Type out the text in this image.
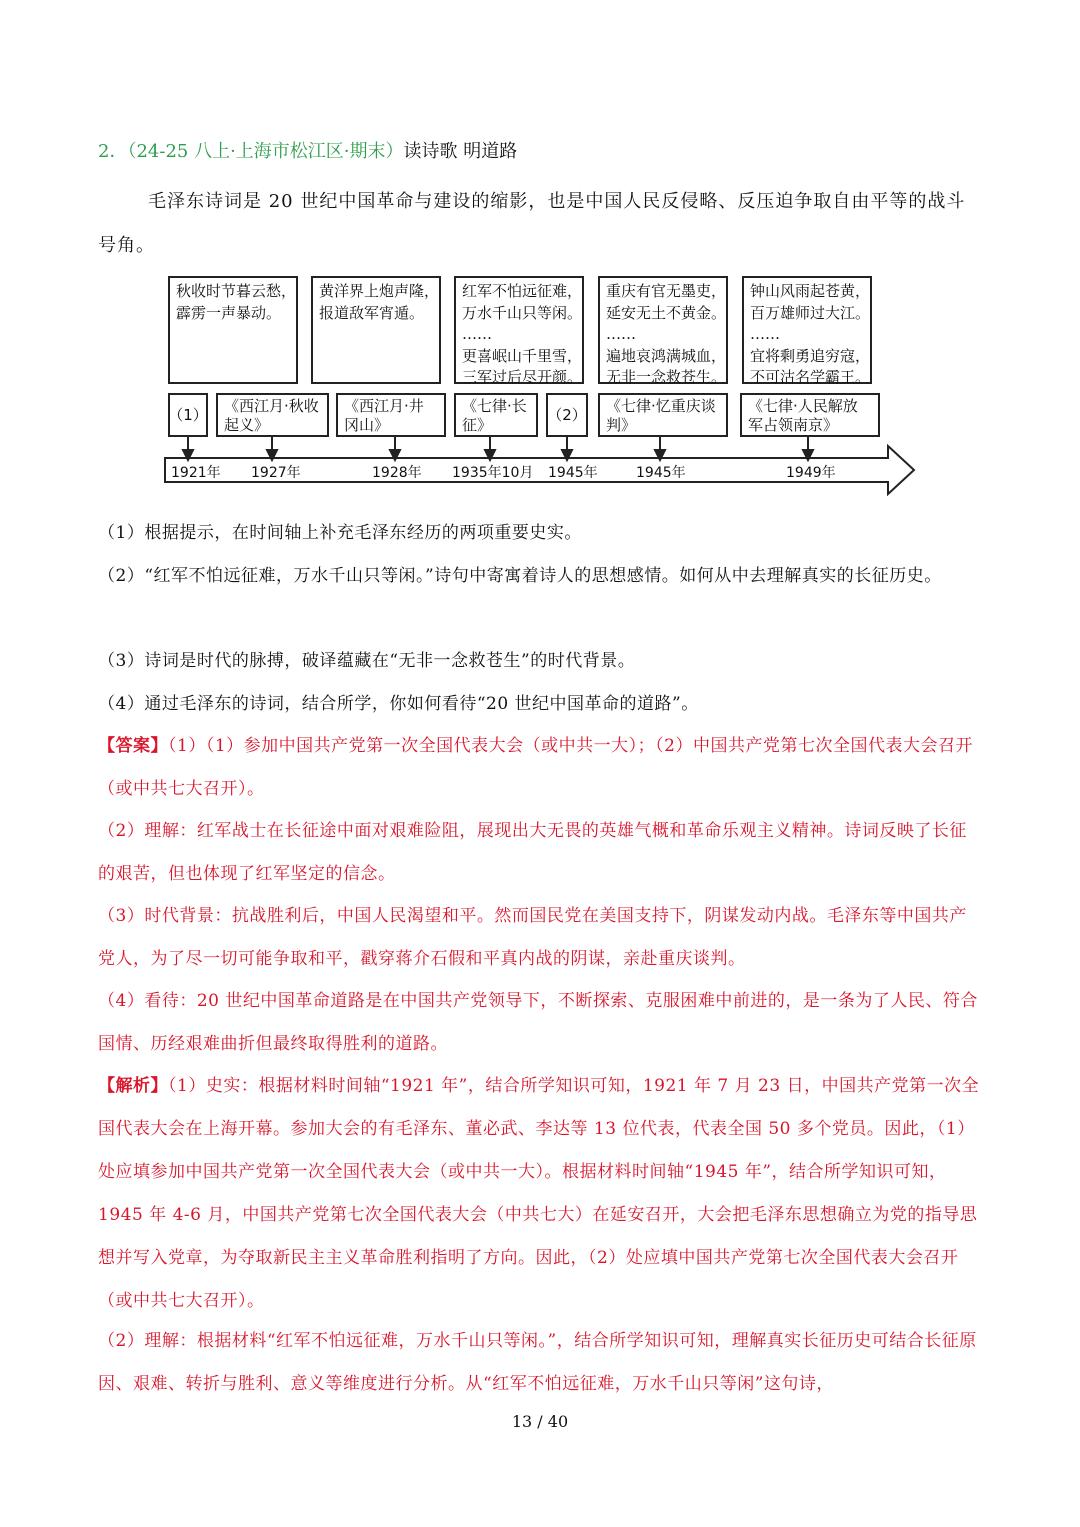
2．（24-25 八上·上海市松江区·期末）读诗歌 明道路
毛泽东诗词是 20 世纪中国革命与建设的缩影，也是中国人民反侵略、反压迫争取自由平等的战斗号角。
秋收时节暮云愁，
霹雳一声暴动。
黄洋界上炮声隆，
报道敌军宵遁。
红军不怕远征难，
万水千山只等闲。
……
更喜岷山千里雪，
三军过后尽开颜。
重庆有官无墨吏，
延安无土不黄金。
……
遍地哀鸿满城血，
无非一念救苍生。
钟山风雨起苍黄，
百万雄师过大江。
……
宜将剩勇追穷寇，
不可沽名学霸王。
（1）	《西江月·秋收起义》
《西江月·井冈山》
《七律·长征》
（2）	《七律·忆重庆谈判》
《七律·人民解放军占领南京》
1921年 1927年	1928年 1935年10月 1945年	1945年	1949年
（1）根据提示，在时间轴上补充毛泽东经历的两项重要史实。
（2）“红军不怕远征难，万水千山只等闲。”诗句中寄寓着诗人的思想感情。如何从中去理解真实的长征历史。
（3）诗词是时代的脉搏，破译蕴藏在“无非一念救苍生”的时代背景。
（4）通过毛泽东的诗词，结合所学，你如何看待“20 世纪中国革命的道路”。
【答案】（1）（1）参加中国共产党第一次全国代表大会（或中共一大）；（2）中国共产党第七次全国代表大会召开（或中共七大召开）。
（2）理解：红军战士在长征途中面对艰难险阻，展现出大无畏的英雄气概和革命乐观主义精神。诗词反映了长征的艰苦，但也体现了红军坚定的信念。
（3）时代背景：抗战胜利后，中国人民渴望和平。然而国民党在美国支持下，阴谋发动内战。毛泽东等中国共产党人，为了尽一切可能争取和平，戳穿蒋介石假和平真内战的阴谋，亲赴重庆谈判。
（4）看待：20 世纪中国革命道路是在中国共产党领导下，不断探索、克服困难中前进的，是一条为了人民、符合国情、历经艰难曲折但最终取得胜利的道路。
【解析】（1）史实：根据材料时间轴“1921 年”，结合所学知识可知，1921 年 7 月 23 日，中国共产党第一次全国代表大会在上海开幕。参加大会的有毛泽东、董必武、李达等 13 位代表，代表全国 50 多个党员。因此，（1）处应填参加中国共产党第一次全国代表大会（或中共一大）。根据材料时间轴“1945 年”，结合所学知识可知，1945 年 4-6 月，中国共产党第七次全国代表大会（中共七大）在延安召开，大会把毛泽东思想确立为党的指导思想并写入党章，为夺取新民主主义革命胜利指明了方向。因此，（2）处应填中国共产党第七次全国代表大会召开（或中共七大召开）。
（2）理解：根据材料“红军不怕远征难，万水千山只等闲。”，结合所学知识可知，理解真实长征历史可结合长征原因、艰难、转折与胜利、意义等维度进行分析。从“红军不怕远征难，万水千山只等闲”这句诗，
13 / 40
